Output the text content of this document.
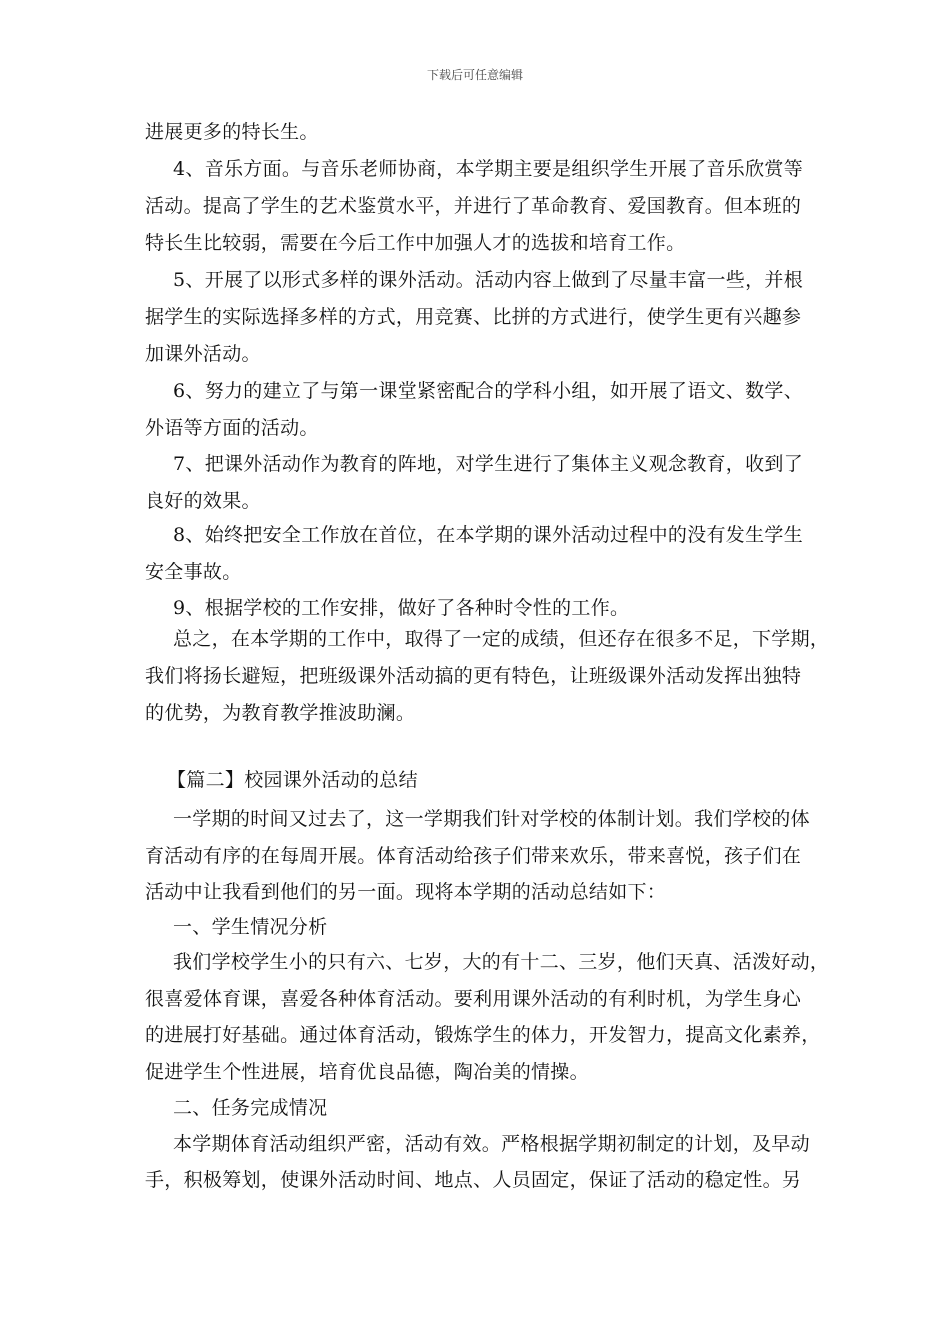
下载后可任意编辑
进展更多的特长生。
4、音乐方面。与音乐老师协商，本学期主要是组织学生开展了音乐欣赏等
活动。提高了学生的艺术鉴赏水平，并进行了革命教育、爱国教育。但本班的
特长生比较弱，需要在今后工作中加强人才的选拔和培育工作。
5、开展了以形式多样的课外活动。活动内容上做到了尽量丰富一些，并根
据学生的实际选择多样的方式，用竞赛、比拼的方式进行，使学生更有兴趣参
加课外活动。
6、努力的建立了与第一课堂紧密配合的学科小组，如开展了语文、数学、
外语等方面的活动。
7、把课外活动作为教育的阵地，对学生进行了集体主义观念教育，收到了
良好的效果。
8、始终把安全工作放在首位，在本学期的课外活动过程中的没有发生学生
安全事故。
9、根据学校的工作安排，做好了各种时令性的工作。
总之，在本学期的工作中，取得了一定的成绩，但还存在很多不足，下学期，
我们将扬长避短，把班级课外活动搞的更有特色，让班级课外活动发挥出独特
的优势，为教育教学推波助澜。
【篇二】校园课外活动的总结
一学期的时间又过去了，这一学期我们针对学校的体制计划。我们学校的体
育活动有序的在每周开展。体育活动给孩子们带来欢乐，带来喜悦，孩子们在
活动中让我看到他们的另一面。现将本学期的活动总结如下：
一、学生情况分析
我们学校学生小的只有六、七岁，大的有十二、三岁，他们天真、活泼好动，
很喜爱体育课，喜爱各种体育活动。要利用课外活动的有利时机，为学生身心
的进展打好基础。通过体育活动，锻炼学生的体力，开发智力，提高文化素养，
促进学生个性进展，培育优良品德，陶冶美的情操。
二、任务完成情况
本学期体育活动组织严密，活动有效。严格根据学期初制定的计划，及早动
手，积极筹划，使课外活动时间、地点、人员固定，保证了活动的稳定性。另
